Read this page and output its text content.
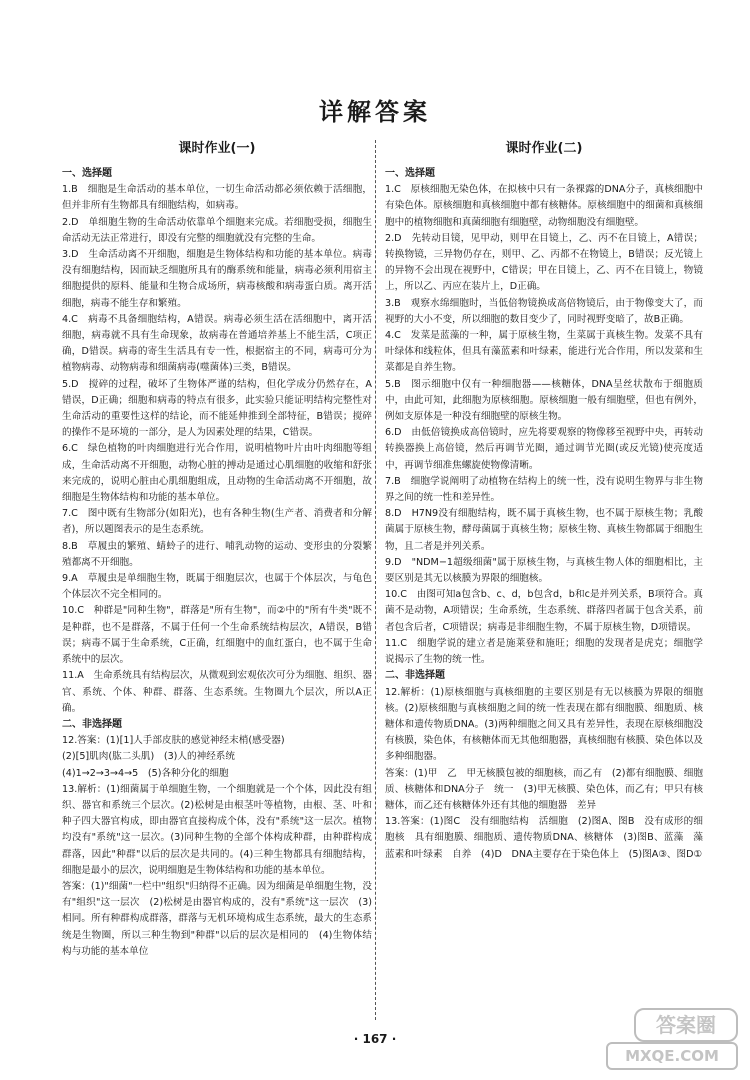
详解答案
课时作业(一)
一、选择题

1.B　细胞是生命活动的基本单位，一切生命活动都必须依赖于活细胞，但并非所有生物都具有细胞结构，如病毒。

2.D　单细胞生物的生命活动依靠单个细胞来完成。若细胞受损，细胞生命活动无法正常进行，即没有完整的细胞就没有完整的生命。

3.D　生命活动离不开细胞，细胞是生物体结构和功能的基本单位。病毒没有细胞结构，因而缺乏细胞所具有的酶系统和能量，病毒必须利用宿主细胞提供的原料、能量和生物合成场所，病毒核酸和病毒蛋白质。离开活细胞，病毒不能生存和繁殖。

4.C　病毒不具备细胞结构，A错误。病毒必须生活在活细胞中，离开活细胞，病毒就不具有生命现象，故病毒在普通培养基上不能生活，C项正确，D错误。病毒的寄生生活具有专一性，根据宿主的不同，病毒可分为植物病毒、动物病毒和细菌病毒(噬菌体)三类，B错误。

5.D　搅碎的过程，破坏了生物体严谨的结构，但化学成分仍然存在，A错误，D正确；细胞和病毒的特点有很多，此实验只能证明结构完整性对生命活动的重要性这样的结论，而不能延伸推到全部特征，B错误；搅碎的操作不是环境的一部分，是人为因素处理的结果，C错误。

6.C　绿色植物的叶肉细胞进行光合作用，说明植物叶片由叶肉细胞等组成，生命活动离不开细胞，动物心脏的搏动是通过心肌细胞的收缩和舒张来完成的，说明心脏由心肌细胞组成，且动物的生命活动离不开细胞，故细胞是生物体结构和功能的基本单位。

7.C　图中既有生物部分(如阳光)，也有各种生物(生产者、消费者和分解者)，所以题图表示的是生态系统。

8.B　草履虫的繁殖、蜻蛉子的进行、哺乳动物的运动、变形虫的分裂繁殖都离不开细胞。

9.A　草履虫是单细胞生物，既属于细胞层次，也属于个体层次，与龟色个体层次不完全相同的。

10.C　种群是"同种生物"，群落是"所有生物"，而②中的"所有牛类"既不是种群，也不是群落，不属于任何一个生命系统结构层次，A错误，B错误；病毒不属于生命系统，C正确，红细胞中的血红蛋白，也不属于生命系统中的层次。

11.A　生命系统具有结构层次，从微观到宏观依次可分为细胞、组织、器官、系统、个体、种群、群落、生态系统。生物圈九个层次，所以A正确。

二、非选择题

12.答案：(1)[1]人手部皮肤的感觉神经末梢(感受器)

(2)[5]肌肉(肱二头肌)　(3)人的神经系统

(4)1→2→3→4→5　(5)各种分化的细胞

13.解析：(1)细菌属于单细胞生物，一个细胞就是一个个体，因此没有组织、器官和系统三个层次。(2)松树是由根茎叶等植物，由根、茎、叶和种子四大器官构成，即由器官直接构成个体，没有"系统"这一层次。植物均没有"系统"这一层次。(3)同种生物的全部个体构成种群，由种群构成群落，因此"种群"以后的层次是共同的。(4)三种生物都具有细胞结构，细胞是最小的层次，说明细胞是生物体结构和功能的基本单位。

答案：(1)"细菌"一栏中"组织"归纳得不正确。因为细菌是单细胞生物，没有"组织"这一层次　(2)松树是由器官构成的，没有"系统"这一层次　(3)相同。所有种群构成群落，群落与无机环境构成生态系统，最大的生态系统是生物圈，所以三种生物到"种群"以后的层次是相同的　(4)生物体结构与功能的基本单位

课时作业(二)
一、选择题

1.C　原核细胞无染色体，在拟核中只有一条裸露的DNA分子，真核细胞中有染色体。原核细胞和真核细胞中都有核糖体。原核细胞中的细菌和真核细胞中的植物细胞和真菌细胞有细胞壁，动物细胞没有细胞壁。

2.D　先转动目镜，见甲动，则甲在目镜上，乙、丙不在目镜上，A错误；转换物镜，三异物仍存在，则甲、乙、丙都不在物镜上，B错误；反光镜上的异物不会出现在视野中，C错误；甲在目镜上，乙、丙不在目镜上，物镜上，所以乙、丙应在装片上，D正确。

3.B　观察水绵细胞时，当低倍物镜换成高倍物镜后，由于物像变大了，而视野的大小不变，所以细胞的数目变少了，同时视野变暗了，故B正确。

4.C　发菜是蓝藻的一种，属于原核生物，生菜属于真核生物。发菜不具有叶绿体和线粒体，但具有藻蓝素和叶绿素，能进行光合作用，所以发菜和生菜都是自养生物。

5.B　图示细胞中仅有一种细胞器——核糖体，DNA呈丝状散布于细胞质中，由此可知，此细胞为原核细胞。原核细胞一般有细胞壁，但也有例外，例如支原体是一种没有细胞壁的原核生物。

6.D　由低倍镜换成高倍镜时，应先将要观察的物像移至视野中央，再转动转换器换上高倍镜，然后再调节光圈，通过调节光圈(或反光镜)使亮度适中，再调节细准焦螺旋使物像清晰。

7.B　细胞学说阐明了动植物在结构上的统一性，没有说明生物界与非生物界之间的统一性和差异性。

8.D　H7N9没有细胞结构，既不属于真核生物，也不属于原核生物；乳酸菌属于原核生物，酵母菌属于真核生物；原核生物、真核生物都属于细胞生物，且二者是并列关系。

9.D　"NDM−1超级细菌"属于原核生物，与真核生物人体的细胞相比，主要区别是其无以核膜为界限的细胞核。

10.C　由图可知a包含b、c、d，b包含d，b和c是并列关系，B项符合。真菌不是动物，A项错误；生命系统，生态系统、群落四者属于包含关系，前者包含后者，C项错误；病毒是非细胞生物，不属于原核生物，D项错误。

11.C　细胞学说的建立者是施莱登和施旺；细胞的发现者是虎克；细胞学说揭示了生物的统一性。

二、非选择题

12.解析：(1)原核细胞与真核细胞的主要区别是有无以核膜为界限的细胞核。(2)原核细胞与真核细胞之间的统一性表现在都有细胞膜、细胞质、核糖体和遗传物质DNA。(3)两种细胞之间又具有差异性，表现在原核细胞没有核膜，染色体，有核糖体而无其他细胞器，真核细胞有核膜、染色体以及多种细胞器。

答案：(1)甲　乙　甲无核膜包被的细胞核，而乙有　(2)都有细胞膜、细胞质、核糖体和DNA分子　统一　(3)甲无核膜、染色体，而乙有；甲只有核糖体，而乙还有核糖体外还有其他的细胞器　差异

13.答案：(1)图C　没有细胞结构　活细胞　(2)图A、图B　没有成形的细胞核　具有细胞膜、细胞质、遗传物质DNA、核糖体　(3)图B、蓝藻　藻蓝素和叶绿素　自养　(4)D　DNA主要存在于染色体上　(5)图A③、图D①

· 167 ·
答案圈
MXQE.COM
